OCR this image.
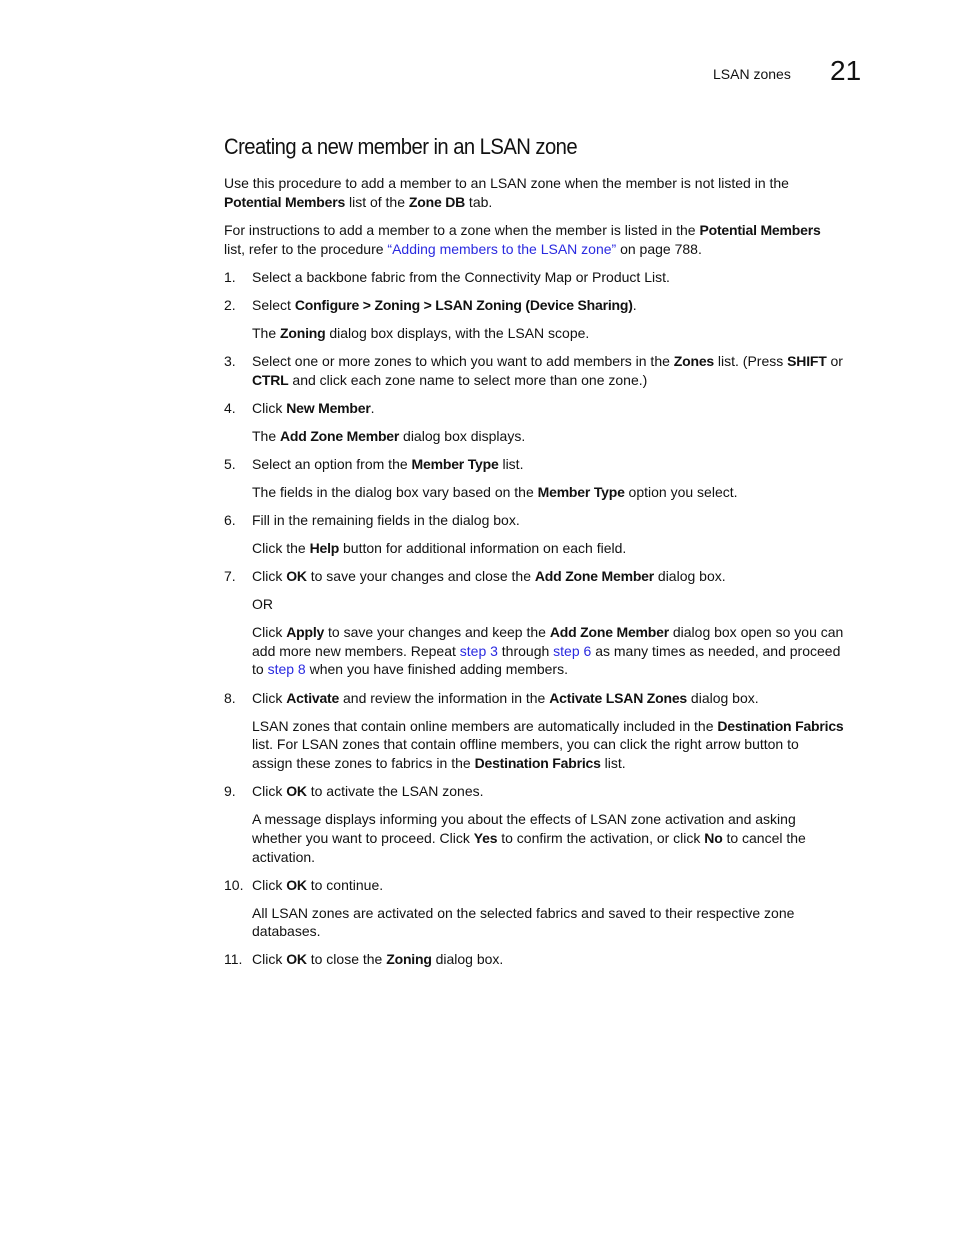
LSAN zones 21
Creating a new member in an LSAN zone
Use this procedure to add a member to an LSAN zone when the member is not listed in the
Potential Members list of the Zone DB tab.
For instructions to add a member to a zone when the member is listed in the Potential Members
list, refer to the procedure “Adding members to the LSAN zone” on page 788.
1. Select a backbone fabric from the Connectivity Map or Product List.
2. Select Configure > Zoning > LSAN Zoning (Device Sharing).
The Zoning dialog box displays, with the LSAN scope.
3. Select one or more zones to which you want to add members in the Zones list. (Press SHIFT or
CTRL and click each zone name to select more than one zone.)
4. Click New Member.
The Add Zone Member dialog box displays.
5. Select an option from the Member Type list.
The fields in the dialog box vary based on the Member Type option you select.
6. Fill in the remaining fields in the dialog box.
Click the Help button for additional information on each field.
7. Click OK to save your changes and close the Add Zone Member dialog box.
OR
Click Apply to save your changes and keep the Add Zone Member dialog box open so you can
add more new members. Repeat step 3 through step 6 as many times as needed, and proceed
to step 8 when you have finished adding members.
8. Click Activate and review the information in the Activate LSAN Zones dialog box.
LSAN zones that contain online members are automatically included in the Destination Fabrics
list. For LSAN zones that contain offline members, you can click the right arrow button to
assign these zones to fabrics in the Destination Fabrics list.
9. Click OK to activate the LSAN zones.
A message displays informing you about the effects of LSAN zone activation and asking
whether you want to proceed. Click Yes to confirm the activation, or click No to cancel the
activation.
10. Click OK to continue.
All LSAN zones are activated on the selected fabrics and saved to their respective zone
databases.
11. Click OK to close the Zoning dialog box.
